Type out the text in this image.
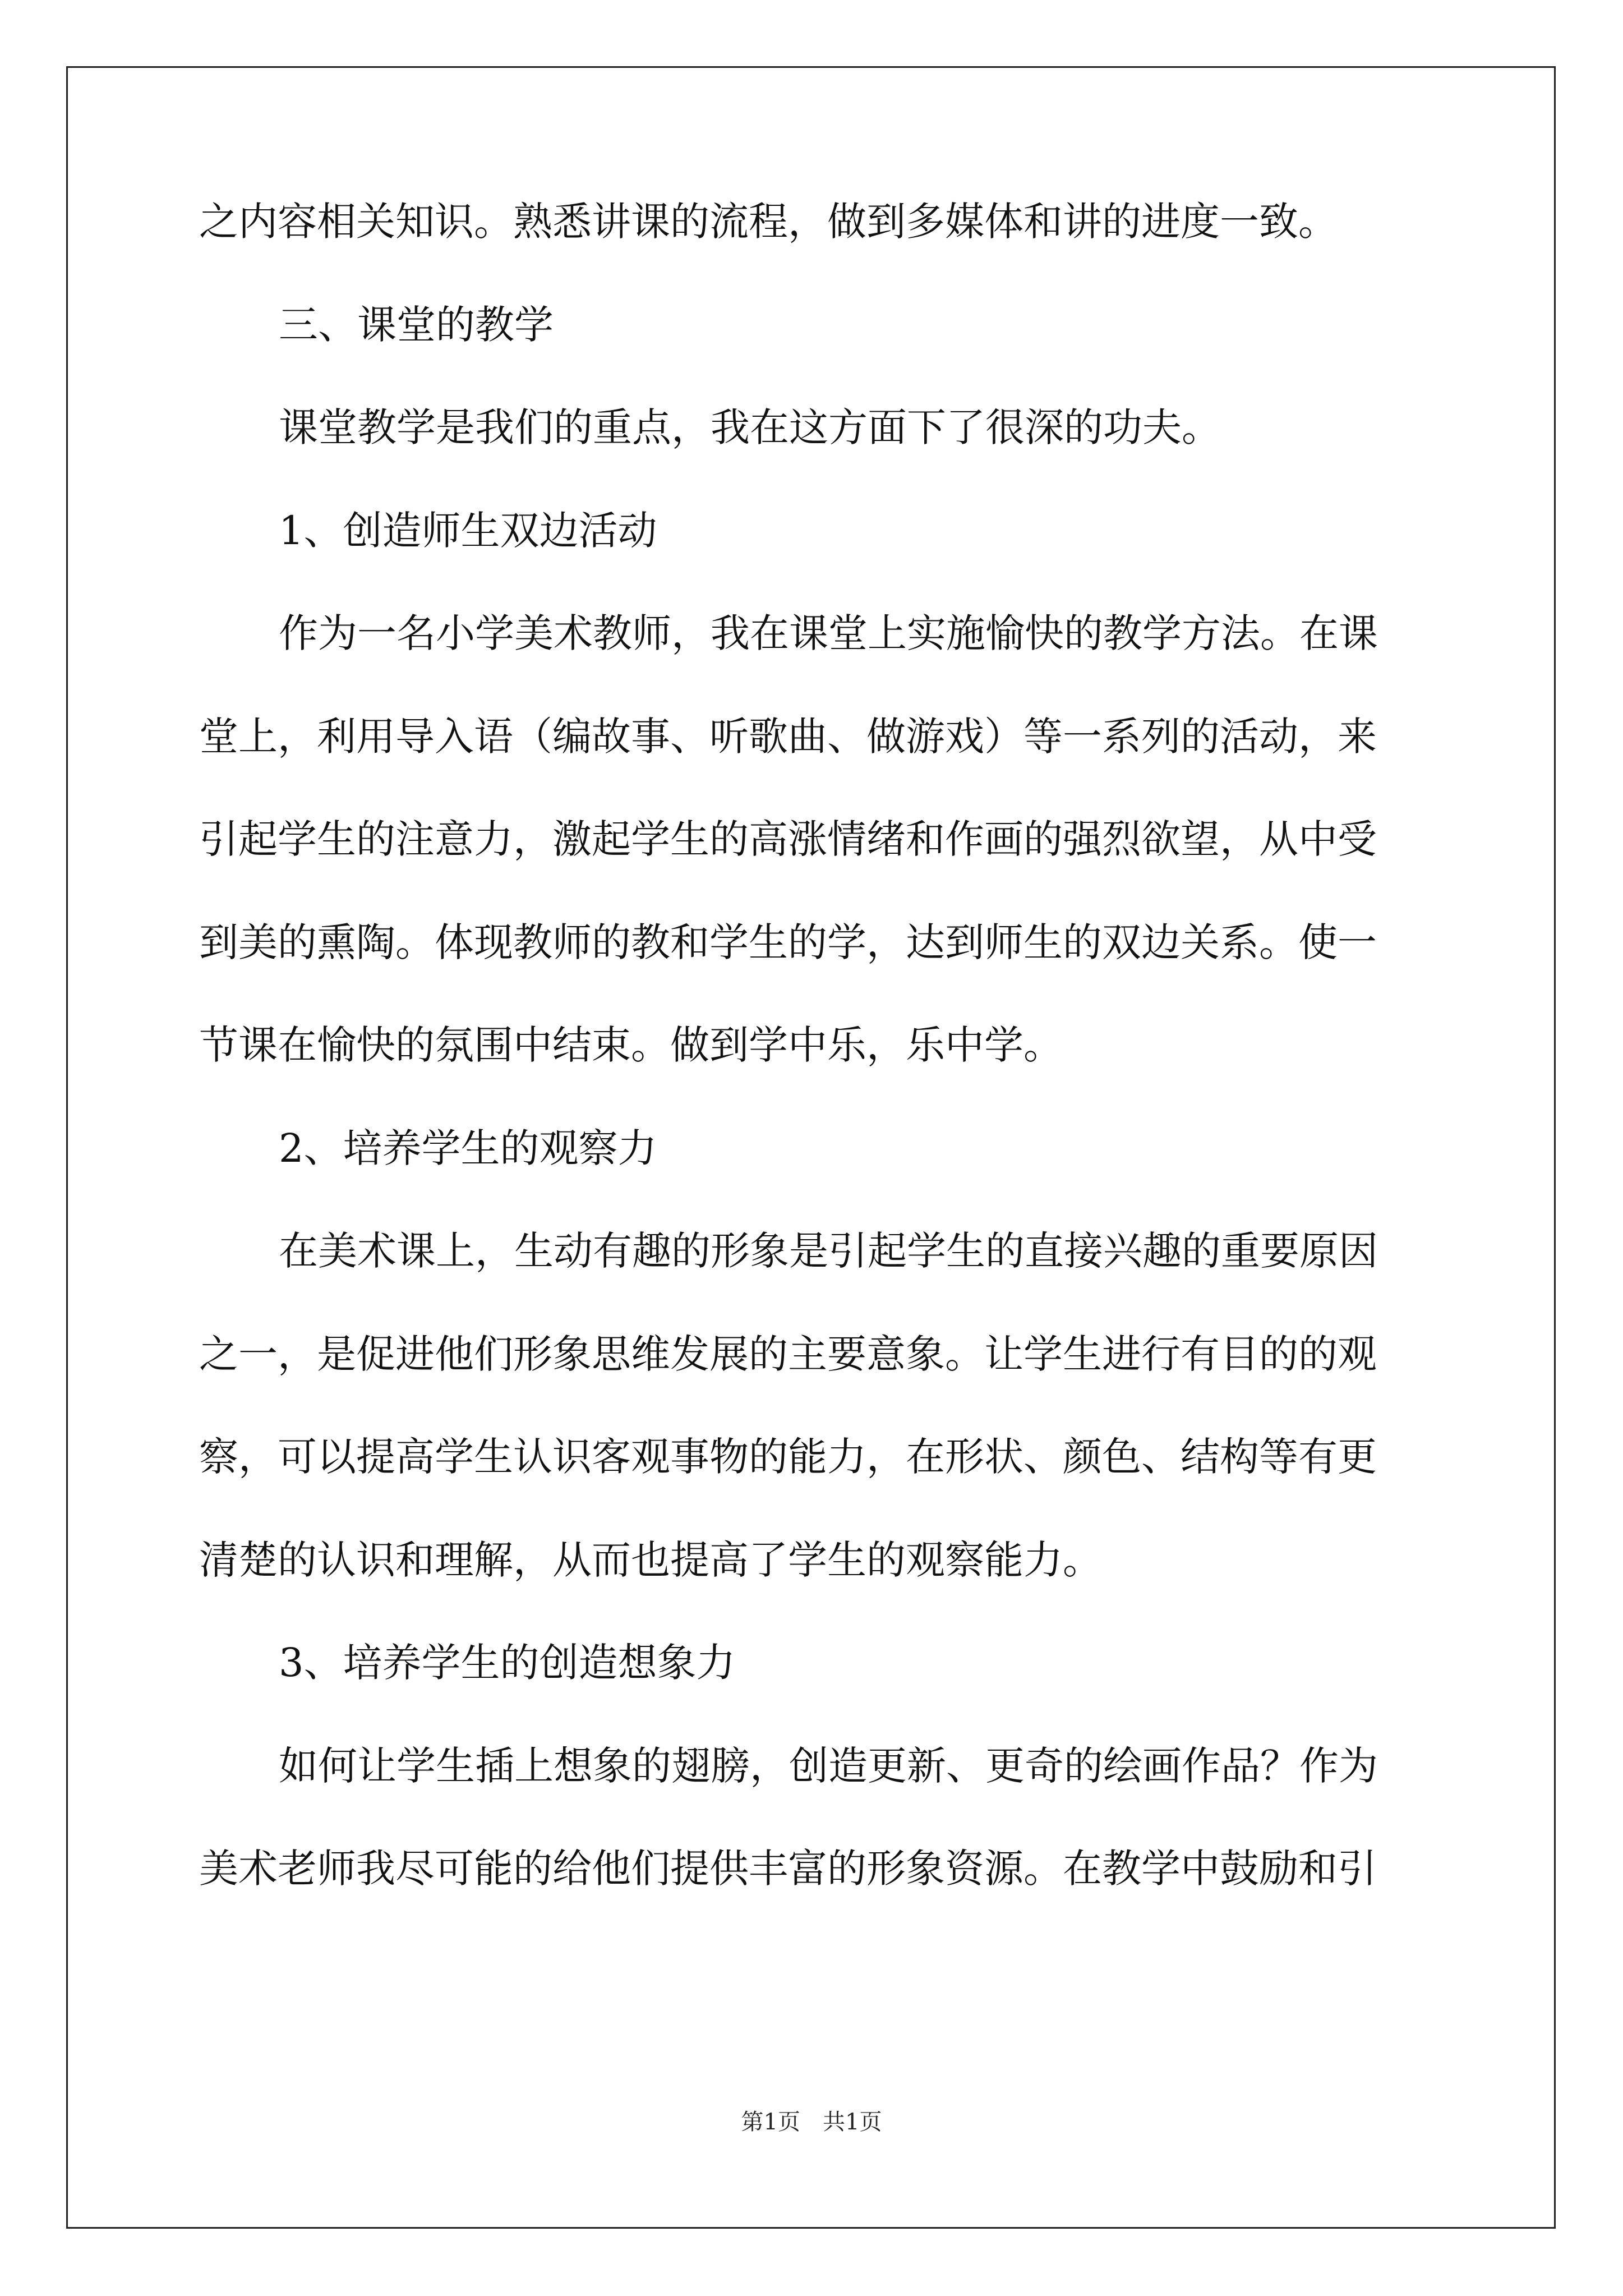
之内容相关知识。熟悉讲课的流程，做到多媒体和讲的进度一致。

三、课堂的教学

课堂教学是我们的重点，我在这方面下了很深的功夫。

1、创造师生双边活动

作为一名小学美术教师，我在课堂上实施愉快的教学方法。在课

堂上，利用导入语（编故事、听歌曲、做游戏）等一系列的活动，来

引起学生的注意力，激起学生的高涨情绪和作画的强烈欲望，从中受

到美的熏陶。体现教师的教和学生的学，达到师生的双边关系。使一

节课在愉快的氛围中结束。做到学中乐，乐中学。

2、培养学生的观察力

在美术课上，生动有趣的形象是引起学生的直接兴趣的重要原因

之一，是促进他们形象思维发展的主要意象。让学生进行有目的的观

察，可以提高学生认识客观事物的能力，在形状、颜色、结构等有更

清楚的认识和理解，从而也提高了学生的观察能力。

3、培养学生的创造想象力

如何让学生插上想象的翅膀，创造更新、更奇的绘画作品？作为

美术老师我尽可能的给他们提供丰富的形象资源。在教学中鼓励和引

第1页　共1页
